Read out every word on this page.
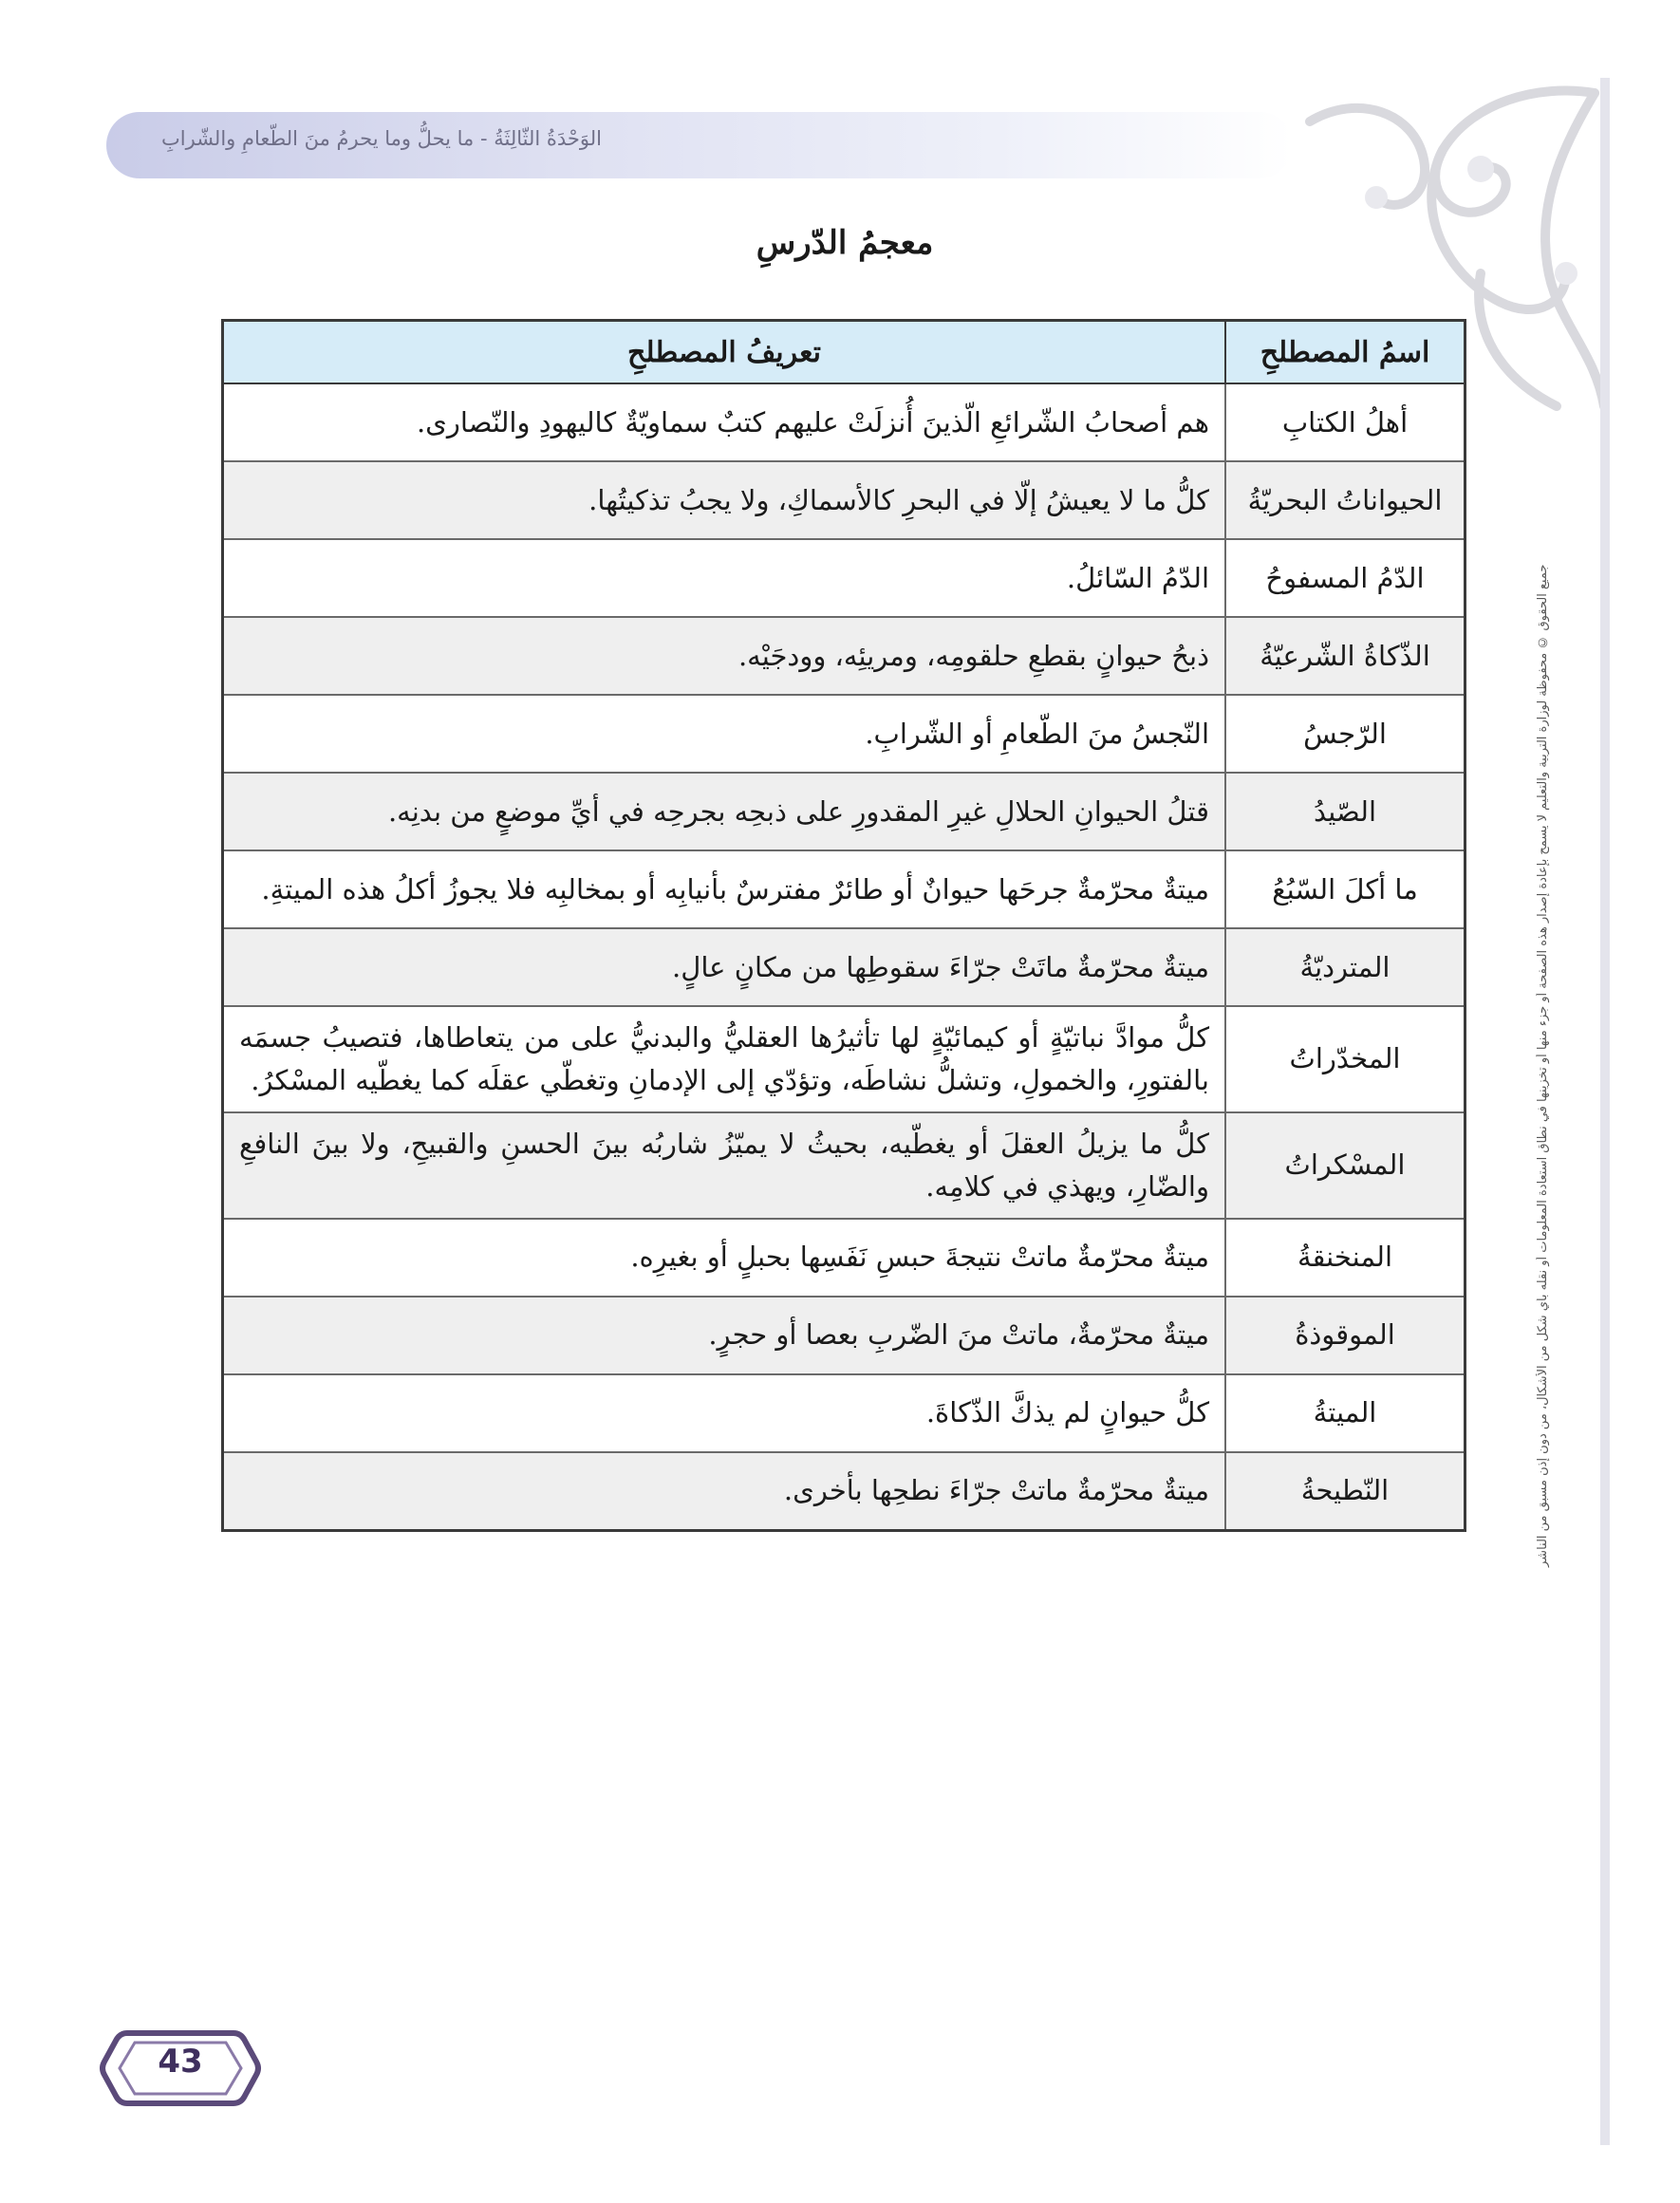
الوَحْدَةُ الثّالِثَةُ - ما يحلُّ وما يحرمُ منَ الطّعامِ والشّرابِ
جميع الحقوق © محفوظة لوزارة التربية والتعليم لا يسمح بإعادة إصدار هذه الصفحة أو جزء منها أو تخزينها في نطاق استعادة المعلومات أو نقله بأي شكل من الأشكال، من دون إذن مسبق من الناشر
معجمُ الدّرسِ
اسمُ المصطلحِ	تعريفُ المصطلحِ
أهلُ الكتابِ	هم أصحابُ الشّرائعِ الّذينَ أُنزلَتْ عليهم كتبٌ سماويّةٌ كاليهودِ والنّصارى.
الحيواناتُ البحريّةُ	كلُّ ما لا يعيشُ إلّا في البحرِ كالأسماكِ، ولا يجبُ تذكيتُها.
الدّمُ المسفوحُ	الدّمُ السّائلُ.
الذّكاةُ الشّرعيّةُ	ذبحُ حيوانٍ بقطعِ حلقومِه، ومريئِه، وودجَيْه.
الرّجسُ	النّجسُ منَ الطّعامِ أو الشّرابِ.
الصّيدُ	قتلُ الحيوانِ الحلالِ غيرِ المقدورِ على ذبحِه بجرحِه في أيِّ موضعٍ من بدنِه.
ما أكلَ السّبُعُ	ميتةٌ محرّمةٌ جرحَها حيوانٌ أو طائرٌ مفترسٌ بأنيابِه أو بمخالبِه فلا يجوزُ أكلُ هذه الميتةِ.
المترديّةُ	ميتةٌ محرّمةٌ ماتَتْ جرّاءَ سقوطِها من مكانٍ عالٍ.
المخدّراتُ	كلُّ موادَّ نباتيّةٍ أو كيمائيّةٍ لها تأثيرُها العقليُّ والبدنيُّ على من يتعاطاها، فتصيبُ جسمَه بالفتورِ، والخمولِ، وتشلُّ نشاطَه، وتؤدّي إلى الإدمانِ وتغطّي عقلَه كما يغطّيه المسْكرُ.
المسْكراتُ	كلُّ ما يزيلُ العقلَ أو يغطّيه، بحيثُ لا يميّزُ شاربُه بينَ الحسنِ والقبيحِ، ولا بينَ النافعِ والضّارِ، ويهذي في كلامِه.
المنخنقةُ	ميتةٌ محرّمةٌ ماتتْ نتيجةَ حبسِ نَفَسِها بحبلٍ أو بغيرِه.
الموقوذةُ	ميتةٌ محرّمةٌ، ماتتْ منَ الضّربِ بعصا أو حجرٍ.
الميتةُ	كلُّ حيوانٍ لم يذكَّ الذّكاةَ.
النّطيحةُ	ميتةٌ محرّمةٌ ماتتْ جرّاءَ نطحِها بأخرى.
43
